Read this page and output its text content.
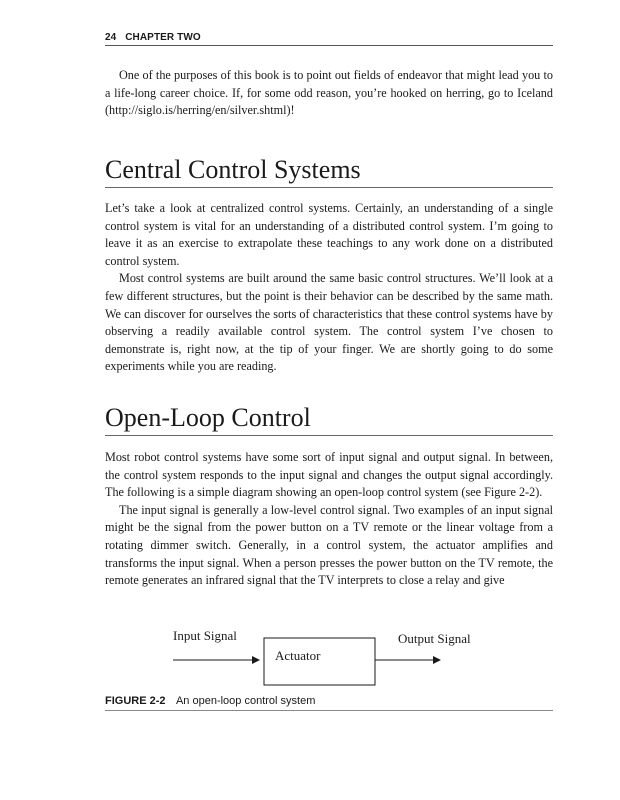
24 CHAPTER TWO

One of the purposes of this book is to point out fields of endeavor that might lead you to a life-long career choice. If, for some odd reason, you’re hooked on herring, go to Iceland (http://siglo.is/herring/en/silver.shtml)!

Central Control Systems

Let’s take a look at centralized control systems. Certainly, an understanding of a single control system is vital for an understanding of a distributed control system. I’m going to leave it as an exercise to extrapolate these teachings to any work done on a distributed control system.

Most control systems are built around the same basic control structures. We’ll look at a few different structures, but the point is their behavior can be described by the same math. We can discover for ourselves the sorts of characteristics that these control systems have by observing a readily available control system. The control system I’ve chosen to demonstrate is, right now, at the tip of your finger. We are shortly going to do some experiments while you are reading.

Open-Loop Control

Most robot control systems have some sort of input signal and output signal. In between, the control system responds to the input signal and changes the output signal accordingly. The following is a simple diagram showing an open-loop control system (see Figure 2-2).

The input signal is generally a low-level control signal. Two examples of an input signal might be the signal from the power button on a TV remote or the linear voltage from a rotating dimmer switch. Generally, in a control system, the actuator amplifies and transforms the input signal. When a person presses the power button on the TV remote, the remote generates an infrared signal that the TV interprets to close a relay and give

Input Signal
Actuator
Output Signal
FIGURE 2-2 An open-loop control system
